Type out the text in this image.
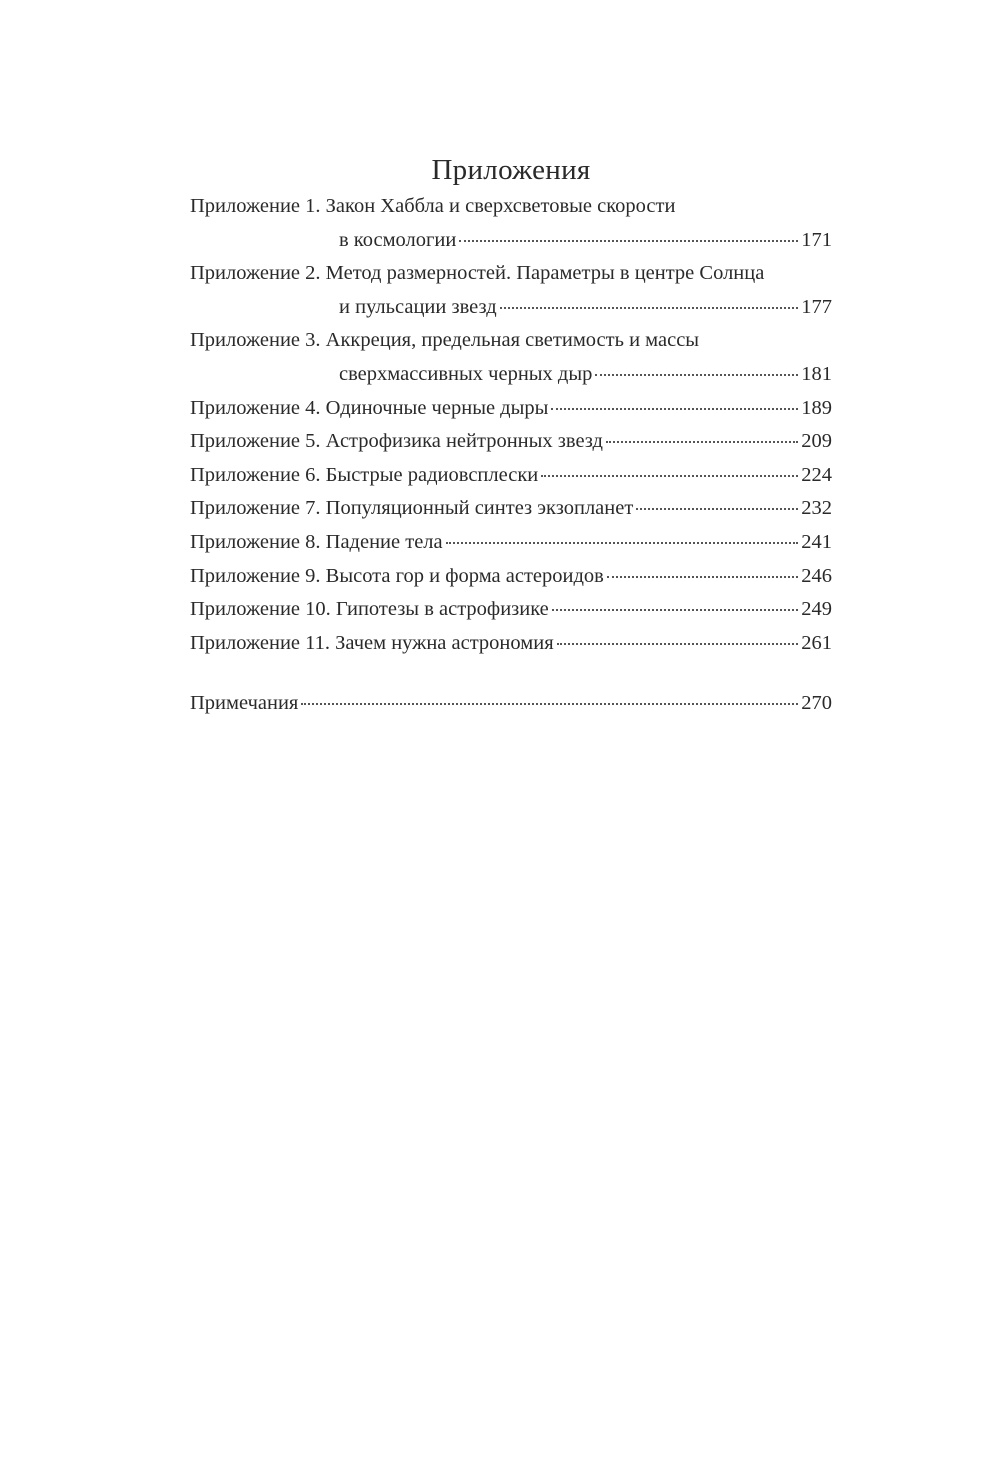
Приложения
Приложение 1. Закон Хаббла и сверхсветовые скорости
в космологии	171
Приложение 2. Метод размерностей. Параметры в центре Солнца
и пульсации звезд	177
Приложение 3. Аккреция, предельная светимость и массы
сверхмассивных черных дыр	181
Приложение 4. Одиночные черные дыры	189
Приложение 5. Астрофизика нейтронных звезд	209
Приложение 6. Быстрые радиовсплески	224
Приложение 7. Популяционный синтез экзопланет	232
Приложение 8. Падение тела	241
Приложение 9. Высота гор и форма астероидов	246
Приложение 10. Гипотезы в астрофизике	249
Приложение 11. Зачем нужна астрономия	261
Примечания	270
